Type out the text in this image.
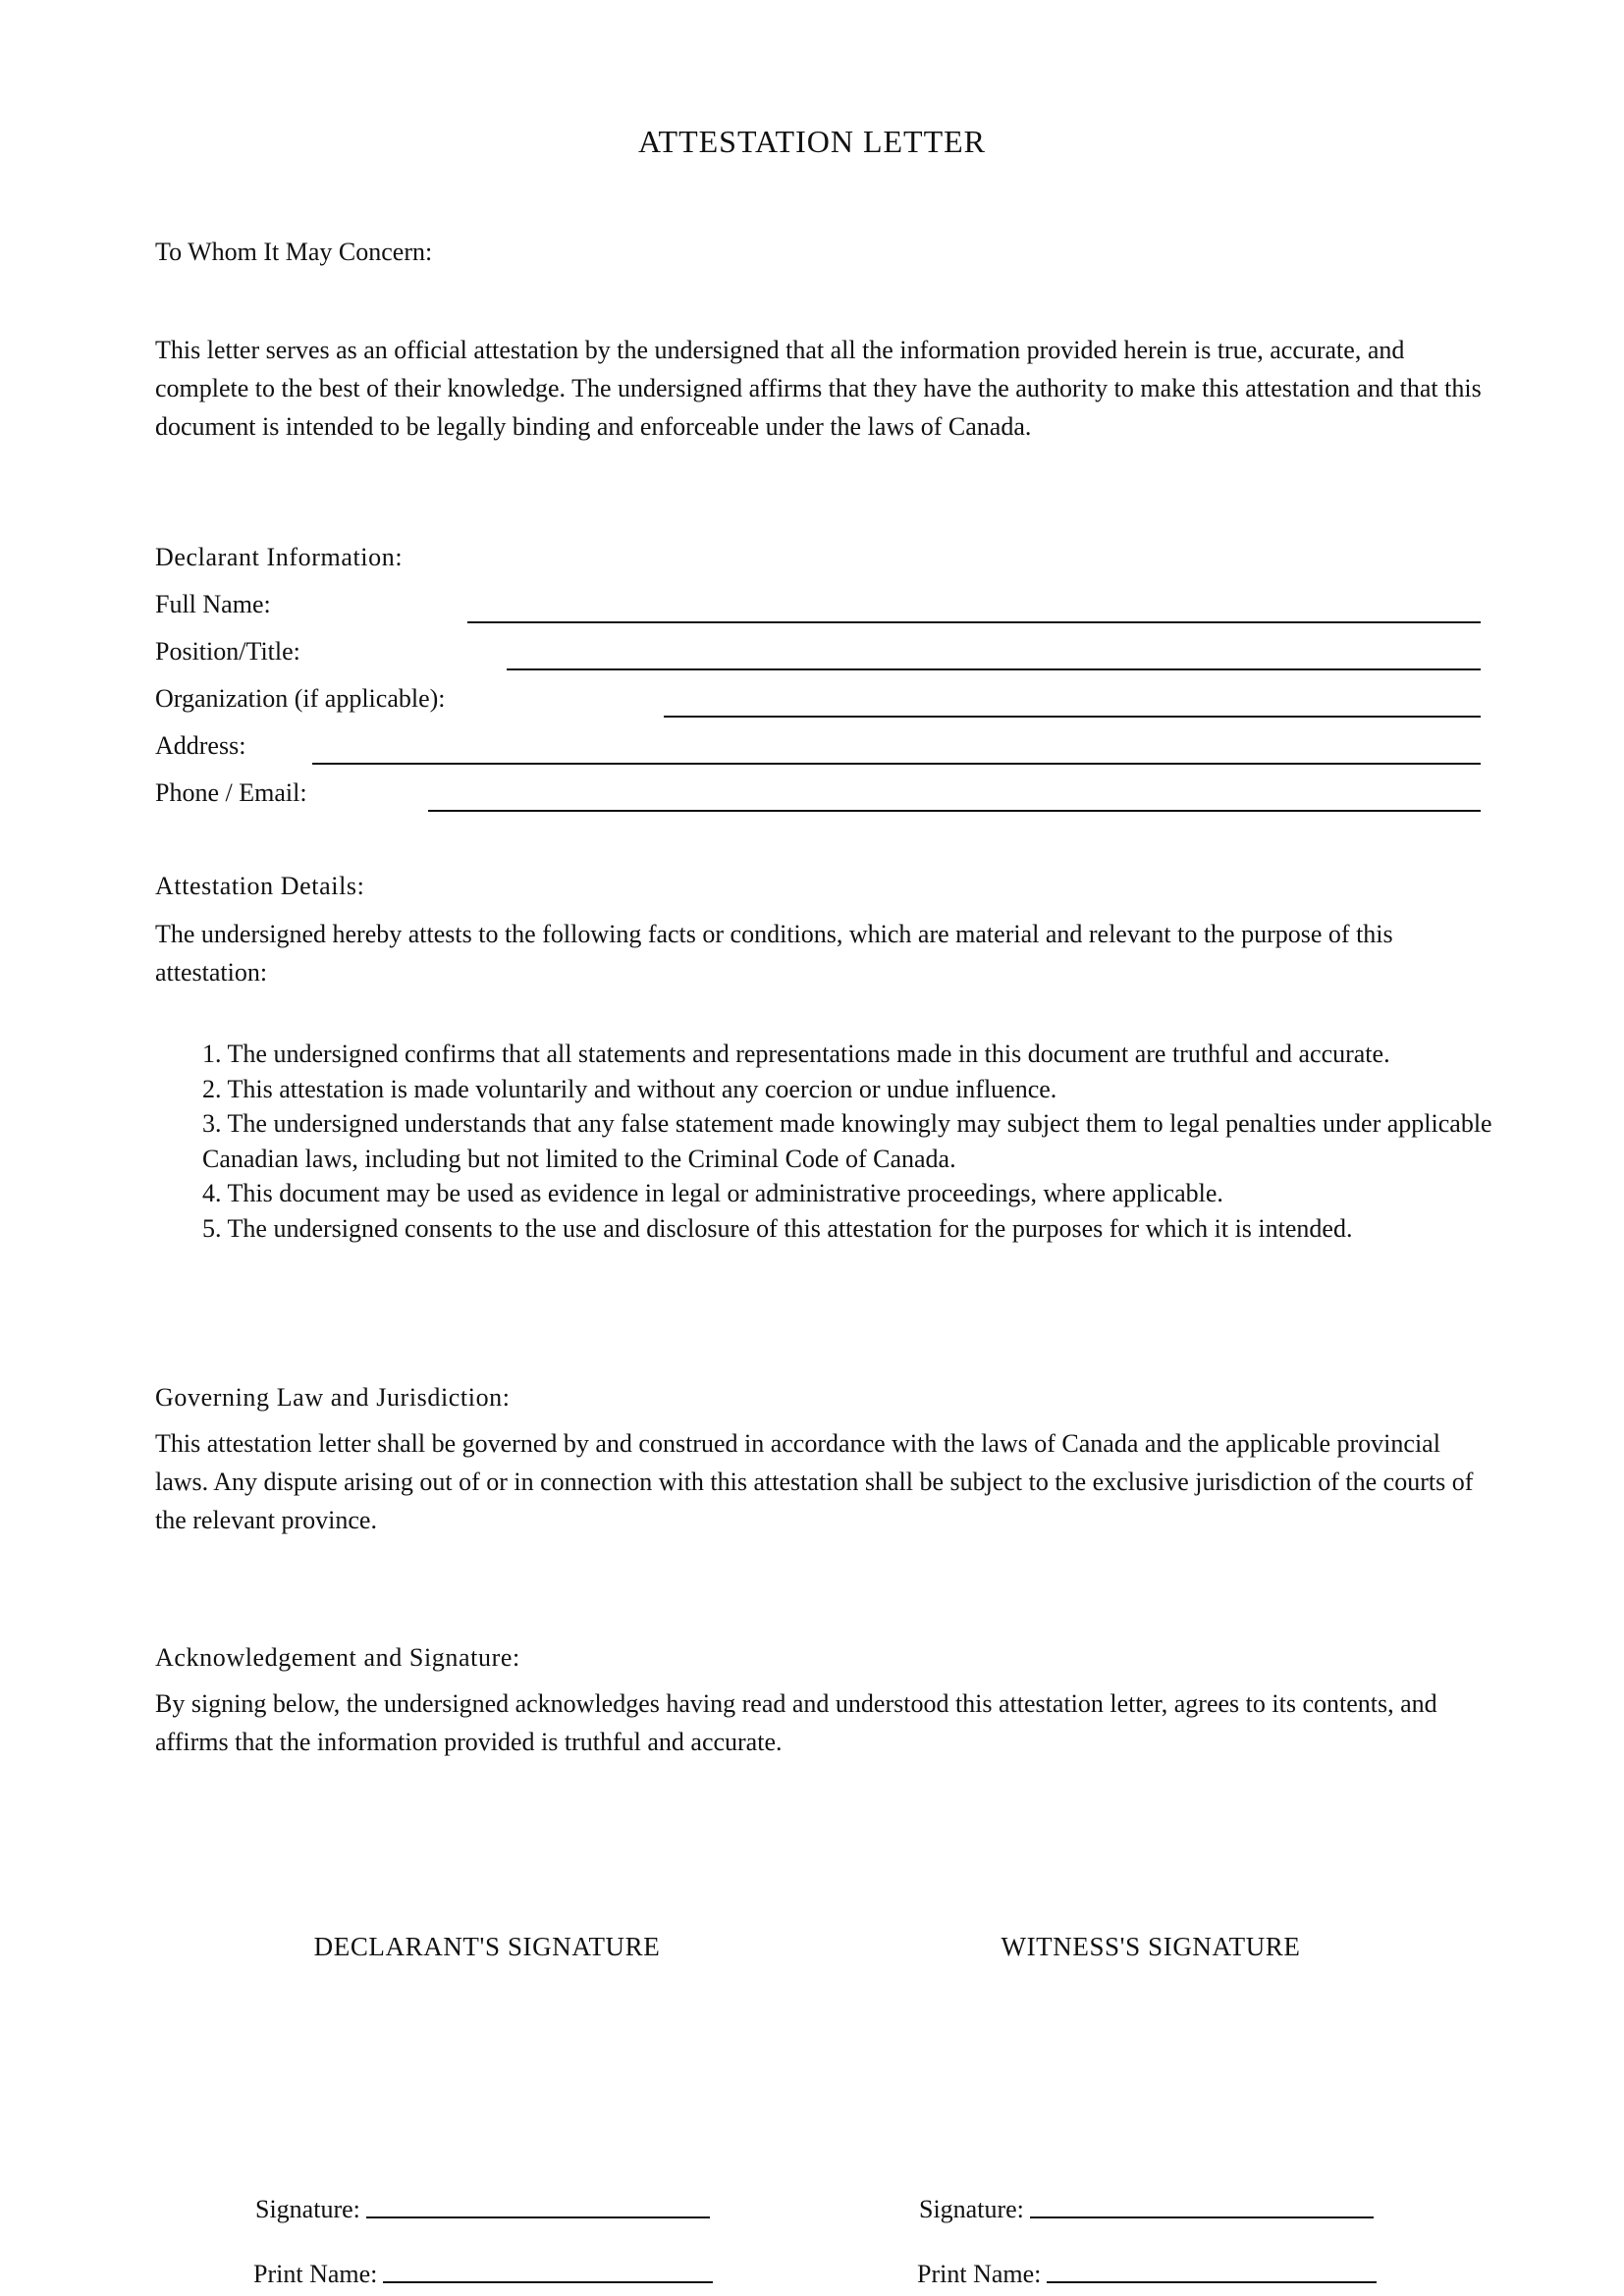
ATTESTATION LETTER
To Whom It May Concern:

This letter serves as an official attestation by the undersigned that all the information provided herein is true, accurate, and complete to the best of their knowledge. The undersigned affirms that they have the authority to make this attestation and that this document is intended to be legally binding and enforceable under the laws of Canada.

Declarant Information:
Full Name:
Position/Title:
Organization (if applicable):
Address:
Phone / Email:
Attestation Details:

The undersigned hereby attests to the following facts or conditions, which are material and relevant to the purpose of this attestation:

1. The undersigned confirms that all statements and representations made in this document are truthful and accurate.
2. This attestation is made voluntarily and without any coercion or undue influence.
3. The undersigned understands that any false statement made knowingly may subject them to legal penalties under applicable Canadian laws, including but not limited to the Criminal Code of Canada.
4. This document may be used as evidence in legal or administrative proceedings, where applicable.
5. The undersigned consents to the use and disclosure of this attestation for the purposes for which it is intended.
Governing Law and Jurisdiction:

This attestation letter shall be governed by and construed in accordance with the laws of Canada and the applicable provincial laws. Any dispute arising out of or in connection with this attestation shall be subject to the exclusive jurisdiction of the courts of the relevant province.

Acknowledgement and Signature:

By signing below, the undersigned acknowledges having read and understood this attestation letter, agrees to its contents, and affirms that the information provided is truthful and accurate.

DECLARANT'S SIGNATURE	WITNESS'S SIGNATURE
Signature:
Print Name:
Signature:
Print Name:
